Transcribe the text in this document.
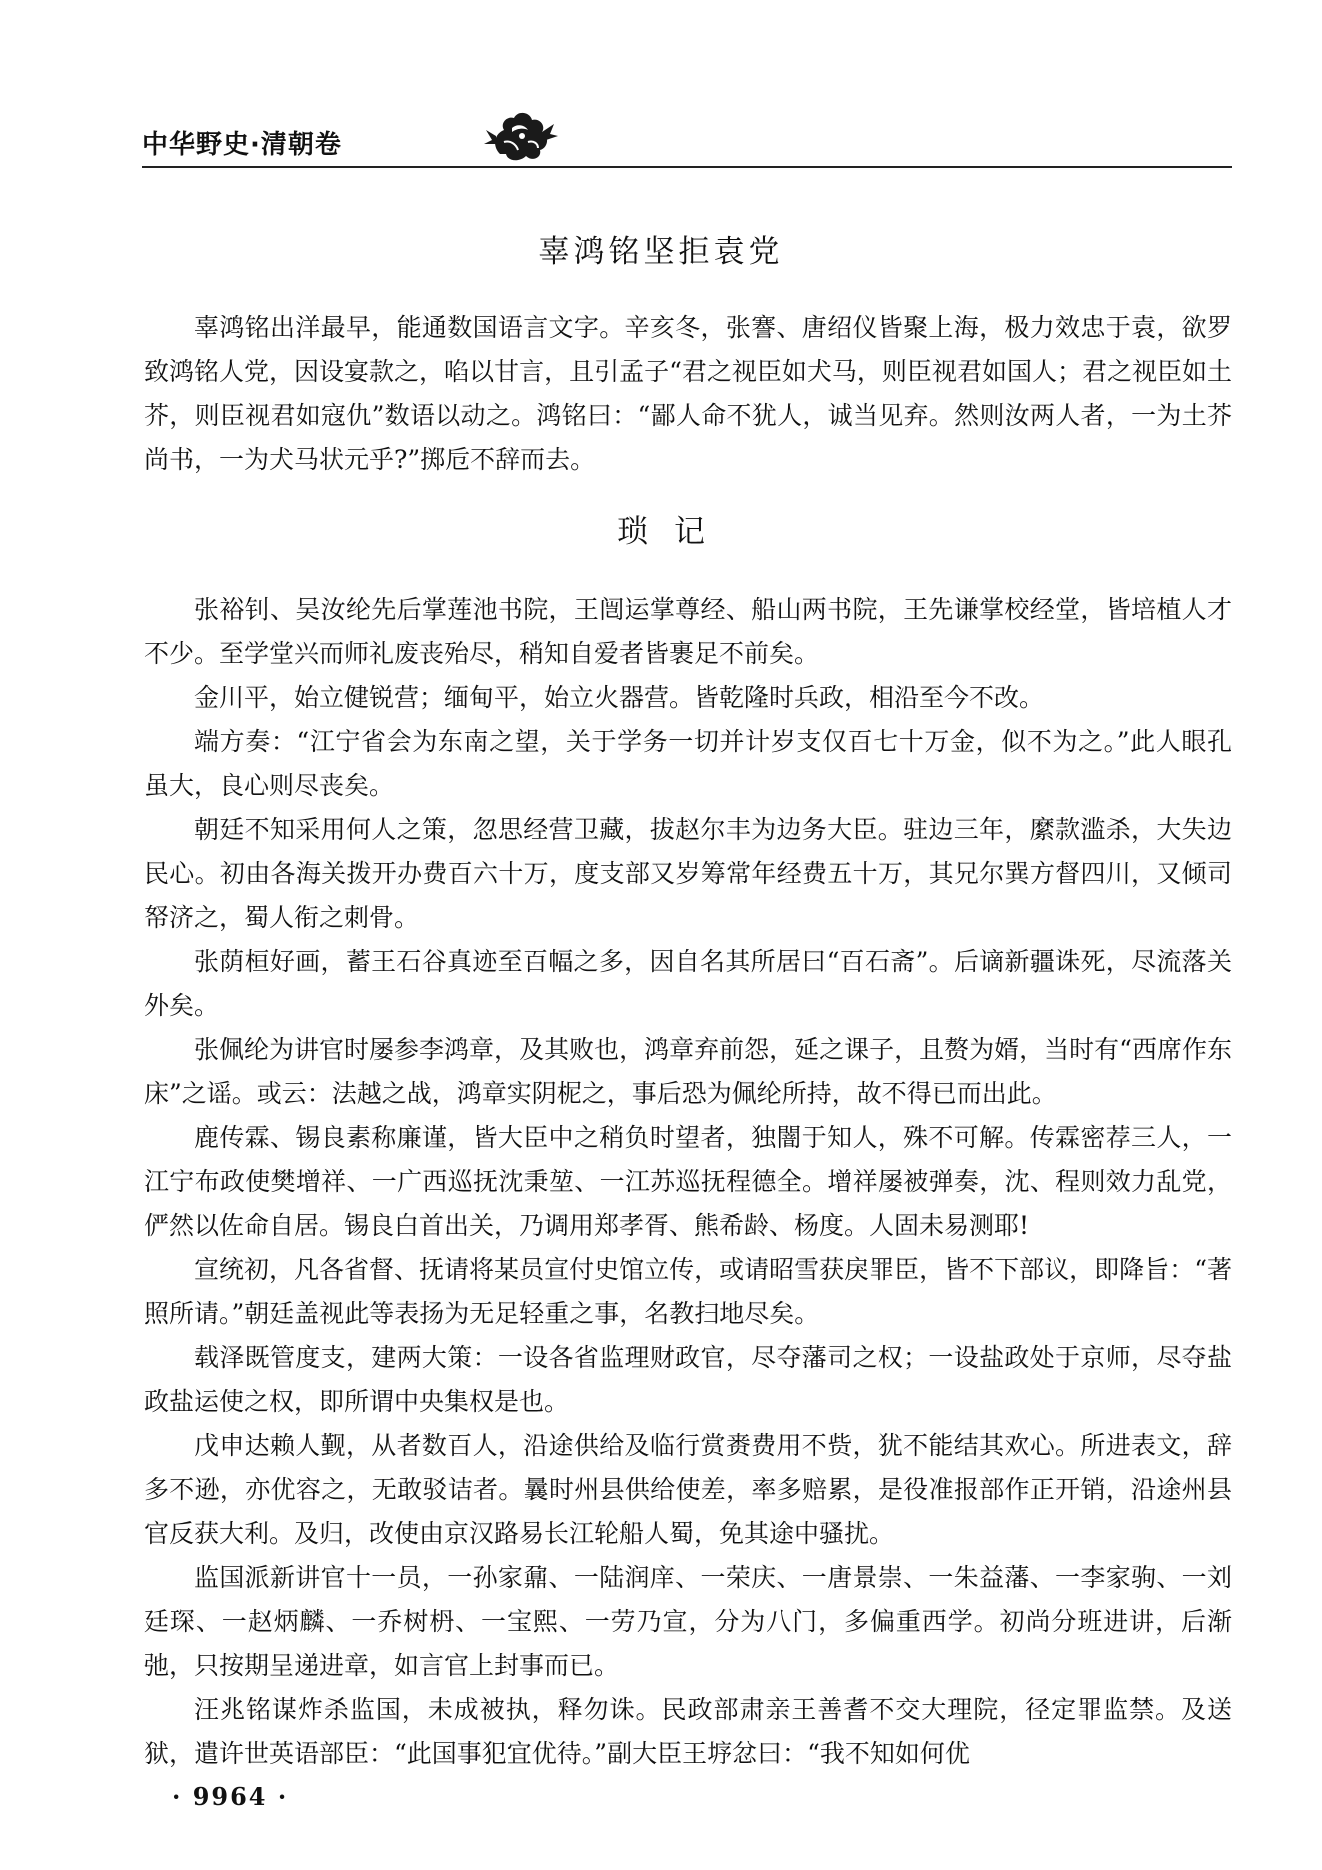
中华野史·清朝卷
辜鸿铭坚拒袁党

辜鸿铭出洋最早，能通数国语言文字。辛亥冬，张謇、唐绍仪皆聚上海，极力效忠于袁，欲罗致鸿铭人党，因设宴款之，啗以甘言，且引孟子“君之视臣如犬马，则臣视君如国人；君之视臣如土芥，则臣视君如寇仇”数语以动之。鸿铭曰：“鄙人命不犹人，诚当见弃。然则汝两人者，一为土芥尚书，一为犬马状元乎?”掷卮不辞而去。

琐记

张裕钊、吴汝纶先后掌莲池书院，王闿运掌尊经、船山两书院，王先谦掌校经堂，皆培植人才不少。至学堂兴而师礼废丧殆尽，稍知自爱者皆裹足不前矣。

金川平，始立健锐营；缅甸平，始立火器营。皆乾隆时兵政，相沿至今不改。

端方奏：“江宁省会为东南之望，关于学务一切并计岁支仅百七十万金，似不为之。”此人眼孔虽大，良心则尽丧矣。

朝廷不知采用何人之策，忽思经营卫藏，拔赵尔丰为边务大臣。驻边三年，縻款滥杀，大失边民心。初由各海关拨开办费百六十万，度支部又岁筹常年经费五十万，其兄尔巽方督四川，又倾司帑济之，蜀人衔之刺骨。

张荫桓好画，蓄王石谷真迹至百幅之多，因自名其所居曰“百石斋”。后谪新疆诛死，尽流落关外矣。

张佩纶为讲官时屡参李鸿章，及其败也，鸿章弃前怨，延之课子，且赘为婿，当时有“西席作东床”之谣。或云：法越之战，鸿章实阴柅之，事后恐为佩纶所持，故不得已而出此。

鹿传霖、锡良素称廉谨，皆大臣中之稍负时望者，独闇于知人，殊不可解。传霖密荐三人，一江宁布政使樊增祥、一广西巡抚沈秉堃、一江苏巡抚程德全。增祥屡被弹奏，沈、程则效力乱党，俨然以佐命自居。锡良白首出关，乃调用郑孝胥、熊希龄、杨度。人固未易测耶!

宣统初，凡各省督、抚请将某员宣付史馆立传，或请昭雪获戾罪臣，皆不下部议，即降旨：“著照所请。”朝廷盖视此等表扬为无足轻重之事，名教扫地尽矣。

载泽既管度支，建两大策：一设各省监理财政官，尽夺藩司之权；一设盐政处于京师，尽夺盐政盐运使之权，即所谓中央集权是也。

戊申达赖人觐，从者数百人，沿途供给及临行赏赉费用不赀，犹不能结其欢心。所进表文，辞多不逊，亦优容之，无敢驳诘者。曩时州县供给使差，率多赔累，是役准报部作正开销，沿途州县官反获大利。及归，改使由京汉路易长江轮船人蜀，免其途中骚扰。

监国派新讲官十一员，一孙家鼐、一陆润庠、一荣庆、一唐景崇、一朱益藩、一李家驹、一刘廷琛、一赵炳麟、一乔树枬、一宝熙、一劳乃宣，分为八门，多偏重西学。初尚分班进讲，后渐弛，只按期呈递进章，如言官上封事而已。

汪兆铭谋炸杀监国，未成被执，释勿诛。民政部肃亲王善耆不交大理院，径定罪监禁。及送狱，遣许世英语部臣：“此国事犯宜优待。”副大臣王垿忿曰：“我不知如何优

· 9964 ·
